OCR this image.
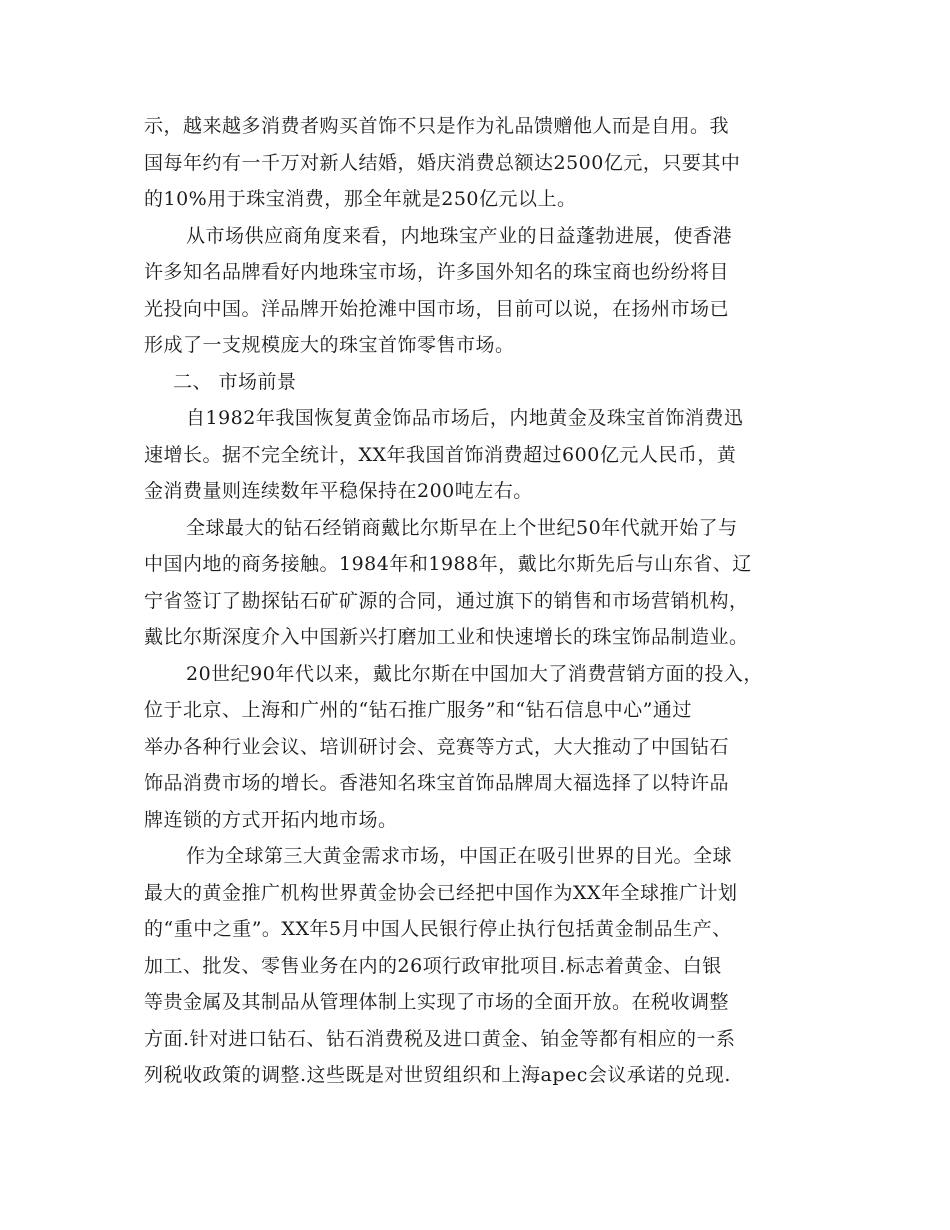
示，越来越多消费者购买首饰不只是作为礼品馈赠他人而是自用。我
国每年约有一千万对新人结婚，婚庆消费总额达2500亿元，只要其中
的10%用于珠宝消费，那全年就是250亿元以上。
从市场供应商角度来看，内地珠宝产业的日益蓬勃进展，使香港
许多知名品牌看好内地珠宝市场，许多国外知名的珠宝商也纷纷将目
光投向中国。洋品牌开始抢滩中国市场，目前可以说，在扬州市场已
形成了一支规模庞大的珠宝首饰零售市场。
二、 市场前景
自1982年我国恢复黄金饰品市场后，内地黄金及珠宝首饰消费迅
速增长。据不完全统计，XX年我国首饰消费超过600亿元人民币，黄
金消费量则连续数年平稳保持在200吨左右。
全球最大的钻石经销商戴比尔斯早在上个世纪50年代就开始了与
中国内地的商务接触。1984年和1988年，戴比尔斯先后与山东省、辽
宁省签订了勘探钻石矿矿源的合同，通过旗下的销售和市场营销机构，
戴比尔斯深度介入中国新兴打磨加工业和快速增长的珠宝饰品制造业。
20世纪90年代以来，戴比尔斯在中国加大了消费营销方面的投入，
位于北京、上海和广州的“钻石推广服务”和“钻石信息中心”通过
举办各种行业会议、培训研讨会、竞赛等方式，大大推动了中国钻石
饰品消费市场的增长。香港知名珠宝首饰品牌周大福选择了以特许品
牌连锁的方式开拓内地市场。
作为全球第三大黄金需求市场，中国正在吸引世界的目光。全球
最大的黄金推广机构世界黄金协会已经把中国作为XX年全球推广计划
的“重中之重”。XX年5月中国人民银行停止执行包括黄金制品生产、
加工、批发、零售业务在内的26项行政审批项目.标志着黄金、白银
等贵金属及其制品从管理体制上实现了市场的全面开放。在税收调整
方面.针对进口钻石、钻石消费税及进口黄金、铂金等都有相应的一系
列税收政策的调整.这些既是对世贸组织和上海apec会议承诺的兑现.
